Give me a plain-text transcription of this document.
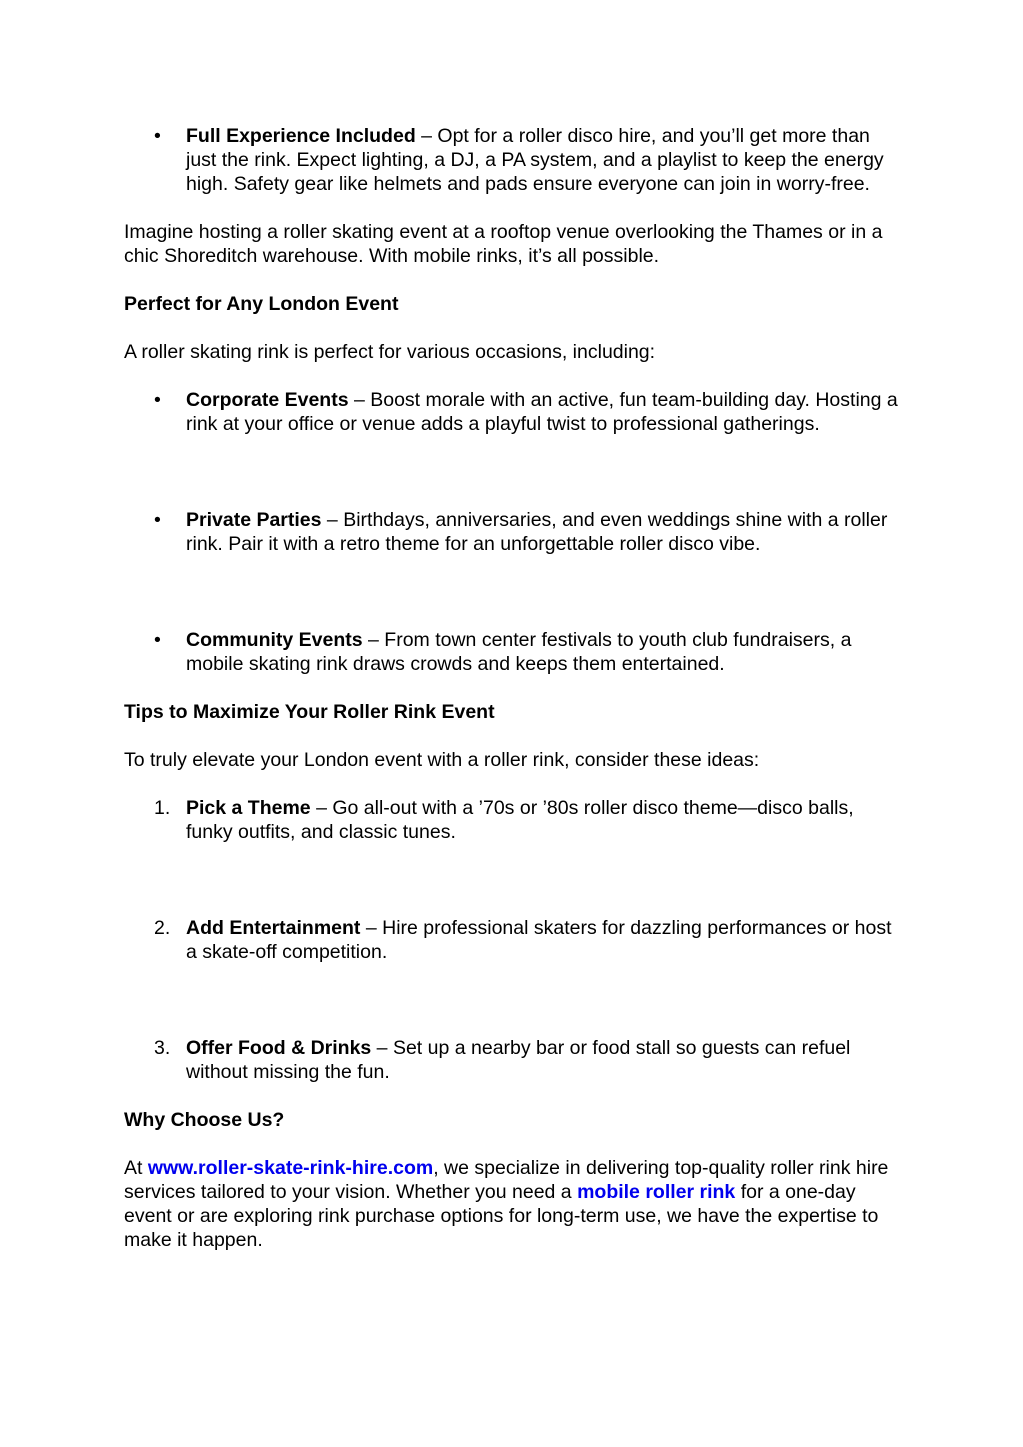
• Full Experience Included – Opt for a roller disco hire, and you’ll get more than just the rink. Expect lighting, a DJ, a PA system, and a playlist to keep the energy high. Safety gear like helmets and pads ensure everyone can join in worry-free.

Imagine hosting a roller skating event at a rooftop venue overlooking the Thames or in a chic Shoreditch warehouse. With mobile rinks, it’s all possible.

Perfect for Any London Event

A roller skating rink is perfect for various occasions, including:

• Corporate Events – Boost morale with an active, fun team-building day. Hosting a rink at your office or venue adds a playful twist to professional gatherings.

• Private Parties – Birthdays, anniversaries, and even weddings shine with a roller rink. Pair it with a retro theme for an unforgettable roller disco vibe.

• Community Events – From town center festivals to youth club fundraisers, a mobile skating rink draws crowds and keeps them entertained.

Tips to Maximize Your Roller Rink Event

To truly elevate your London event with a roller rink, consider these ideas:

1. Pick a Theme – Go all-out with a ’70s or ’80s roller disco theme—disco balls, funky outfits, and classic tunes.

2. Add Entertainment – Hire professional skaters for dazzling performances or host a skate-off competition.

3. Offer Food & Drinks – Set up a nearby bar or food stall so guests can refuel without missing the fun.

Why Choose Us?

At www.roller-skate-rink-hire.com, we specialize in delivering top-quality roller rink hire services tailored to your vision. Whether you need a mobile roller rink for a one-day event or are exploring rink purchase options for long-term use, we have the expertise to make it happen.
